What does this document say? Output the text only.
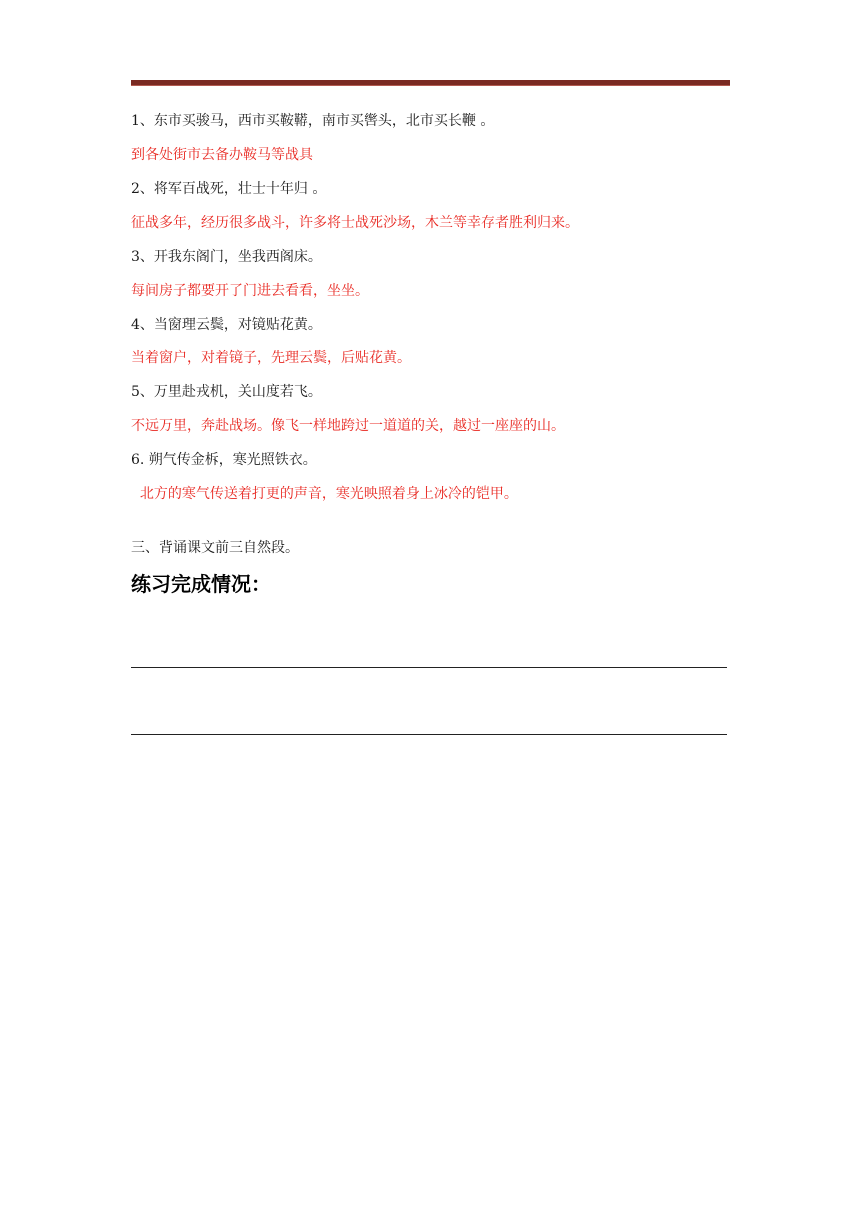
1、东市买骏马，西市买鞍鞯，南市买辔头，北市买长鞭 。
到各处街市去备办鞍马等战具
2、将军百战死，壮士十年归 。
征战多年，经历很多战斗，许多将士战死沙场，木兰等幸存者胜利归来。
3、开我东阁门，坐我西阁床。
每间房子都要开了门进去看看，坐坐。
4、当窗理云鬓，对镜贴花黄。
当着窗户，对着镜子，先理云鬓，后贴花黄。
5、万里赴戎机，关山度若飞。
不远万里，奔赴战场。像飞一样地跨过一道道的关，越过一座座的山。
6. 朔气传金柝，寒光照铁衣。
北方的寒气传送着打更的声音，寒光映照着身上冰冷的铠甲。
三、背诵课文前三自然段。
练习完成情况：
